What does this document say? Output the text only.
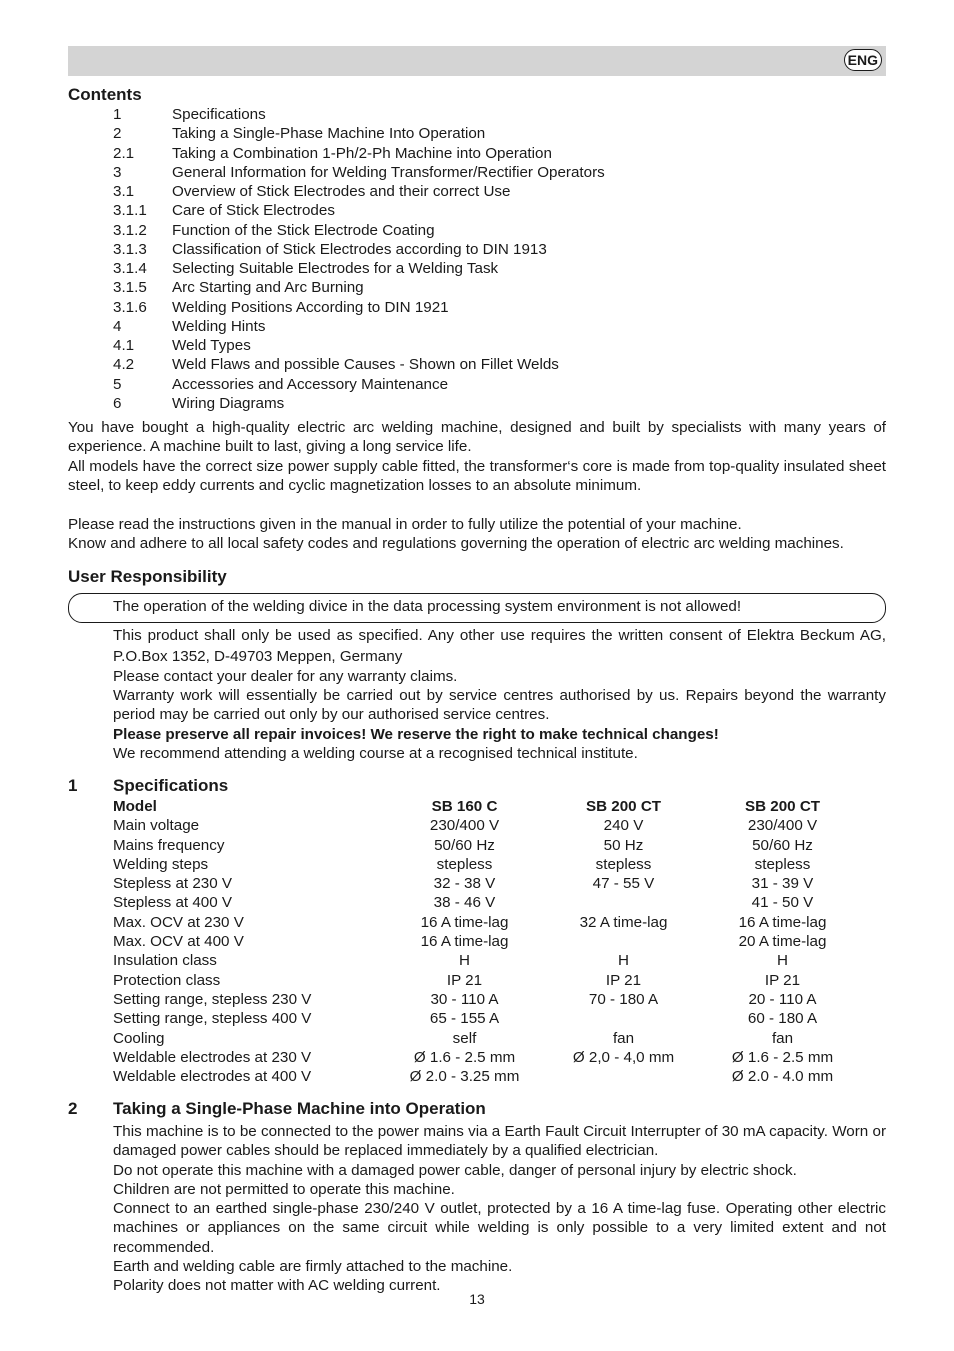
ENG
Contents
1	Specifications
2	Taking a Single-Phase Machine Into Operation
2.1 Taking a Combination 1-Ph/2-Ph Machine into Operation
3	General Information for Welding Transformer/Rectifier Operators
3.1 Overview of Stick Electrodes and their correct Use
3.1.1 Care of Stick Electrodes
3.1.2 Function of the Stick Electrode Coating
3.1.3 Classification of Stick Electrodes according to DIN 1913
3.1.4 Selecting Suitable Electrodes for a Welding Task
3.1.5 Arc Starting and Arc Burning
3.1.6 Welding Positions According to DIN 1921
4	Welding Hints
4.1 Weld Types
4.2 Weld Flaws and possible Causes - Shown on Fillet Welds
5	Accessories and Accessory Maintenance
6	Wiring Diagrams
You have bought a high-quality electric arc welding machine, designed and built by specialists with many years of experience. A machine built to last, giving a long service life.
All models have the correct size power supply cable fitted, the transformer‘s core is made from top-quality insulated sheet steel, to keep eddy currents and cyclic magnetization losses to an absolute minimum.
Please read the instructions given in the manual in order to fully utilize the potential of your machine.
Know and adhere to all local safety codes and regulations governing the operation of electric arc welding machines.
User Responsibility
The operation of the welding divice in the data processing system environment is not allowed!
This product shall only be used as specified. Any other use requires the written consent of Elektra Beckum AG, P.O.Box 1352, D-49703 Meppen, Germany
Please contact your dealer for any warranty claims.
Warranty work will essentially be carried out by service centres authorised by us. Repairs beyond the warranty period may be carried out only by our authorised service centres.
Please preserve all repair invoices! We reserve the right to make technical changes!
We recommend attending a welding course at a recognised technical institute.
1 Specifications
Model	SB 160 C	SB 200 CT	SB 200 CT
Main voltage	230/400 V	240 V	230/400 V
Mains frequency	50/60 Hz	50 Hz	50/60 Hz
Welding steps	stepless	stepless	stepless
Stepless at 230 V	32 - 38 V	47 - 55 V	31 - 39 V
Stepless at 400 V	38 - 46 V		41 - 50 V
Max. OCV at 230 V	16 A time-lag	32 A time-lag	16 A time-lag
Max. OCV at 400 V	16 A time-lag		20 A time-lag
Insulation class	H	H	H
Protection class	IP 21	IP 21	IP 21
Setting range, stepless 230 V	30 - 110 A	70 - 180 A	20 - 110 A
Setting range, stepless 400 V	65 - 155 A		60 - 180 A
Cooling	self	fan	fan
Weldable electrodes at 230 V	Ø 1.6 - 2.5 mm	Ø 2,0 - 4,0 mm	Ø 1.6 - 2.5 mm
Weldable electrodes at 400 V	Ø 2.0 - 3.25 mm		Ø 2.0 - 4.0 mm
2 Taking a Single-Phase Machine into Operation
This machine is to be connected to the power mains via a Earth Fault Circuit Interrupter of 30 mA capacity. Worn or damaged power cables should be replaced immediately by a qualified electrician.
Do not operate this machine with a damaged power cable, danger of personal injury by electric shock.
Children are not permitted to operate this machine.
Connect to an earthed single-phase 230/240 V outlet, protected by a 16 A time-lag fuse. Operating other electric machines or appliances on the same circuit while welding is only possible to a very limited extent and not recommended.
Earth and welding cable are firmly attached to the machine.
Polarity does not matter with AC welding current.
13
